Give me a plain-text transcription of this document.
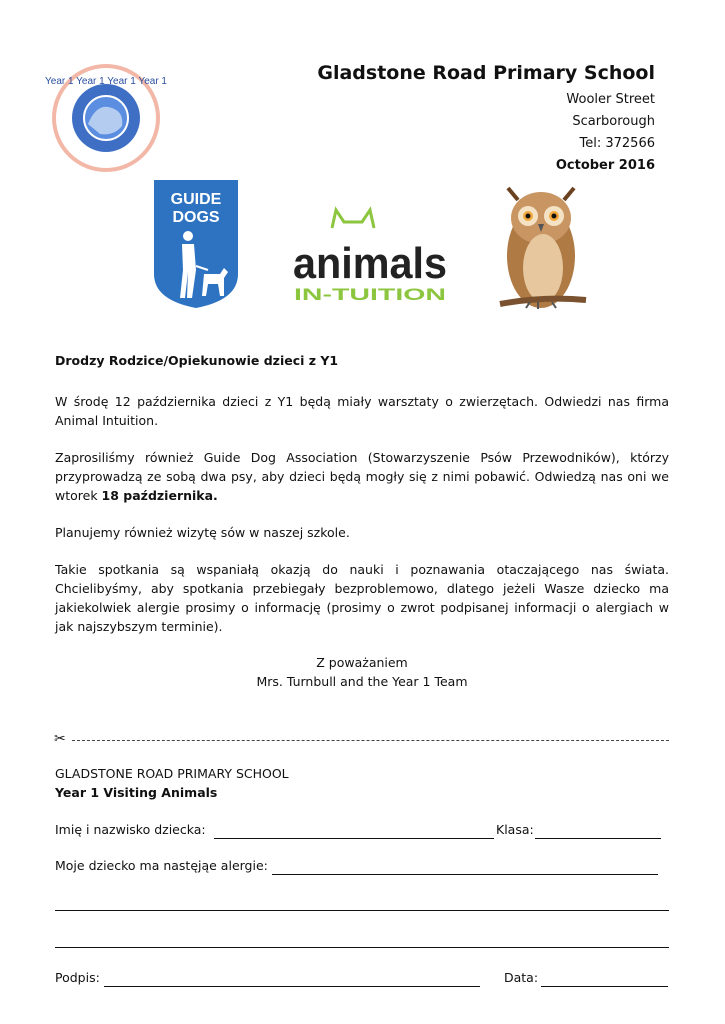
Year 1 Year 1 Year 1 Year 1	Gladstone Road Primary School
Wooler Street
Scarborough
Tel: 372566
October 2016
GUIDE
DOGS
animals
IN-TUITION
Drodzy Rodzice/Opiekunowie dzieci z Y1
W środę 12 października dzieci z Y1 będą miały warsztaty o zwierzętach. Odwiedzi nas firma Animal Intuition.
Zaprosiliśmy również Guide Dog Association (Stowarzyszenie Psów Przewodników), którzy przyprowadzą ze sobą dwa psy, aby dzieci będą mogły się z nimi pobawić. Odwiedzą nas oni we wtorek 18 października.
Planujemy również wizytę sów w naszej szkole.
Takie spotkania są wspaniałą okazją do nauki i poznawania otaczającego nas świata. Chcielibyśmy, aby spotkania przebiegały bezproblemowo, dlatego jeżeli Wasze dziecko ma jakiekolwiek alergie prosimy o informację (prosimy o zwrot podpisanej informacji o alergiach w jak najszybszym terminie).
Z poważaniem
Mrs. Turnbull and the Year 1 Team
✂
GLADSTONE ROAD PRIMARY SCHOOL
Year 1 Visiting Animals
Imię i nazwisko dziecka:	Klasa:
Moje dziecko ma nastęjąe alergie:
Podpis:	Data:
